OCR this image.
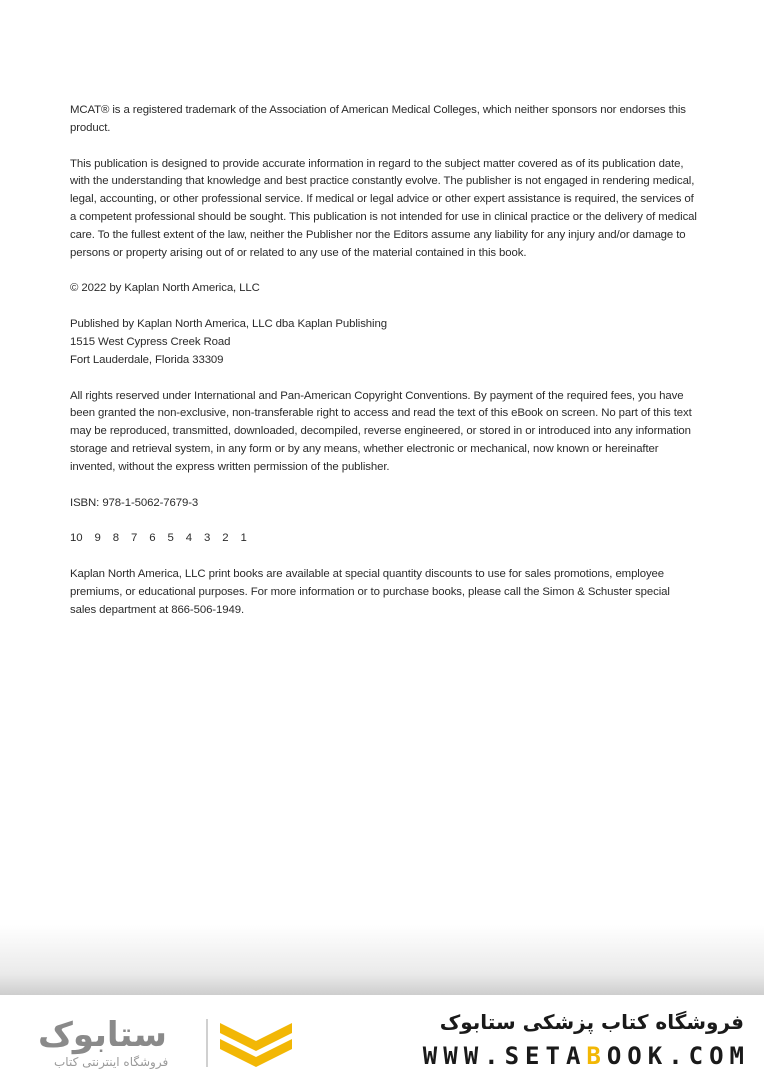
MCAT® is a registered trademark of the Association of American Medical Colleges, which neither sponsors nor endorses this product.

This publication is designed to provide accurate information in regard to the subject matter covered as of its publication date, with the understanding that knowledge and best practice constantly evolve. The publisher is not engaged in rendering medical, legal, accounting, or other professional service. If medical or legal advice or other expert assistance is required, the services of a competent professional should be sought. This publication is not intended for use in clinical practice or the delivery of medical care. To the fullest extent of the law, neither the Publisher nor the Editors assume any liability for any injury and/or damage to persons or property arising out of or related to any use of the material contained in this book.

© 2022 by Kaplan North America, LLC

Published by Kaplan North America, LLC dba Kaplan Publishing
1515 West Cypress Creek Road
Fort Lauderdale, Florida 33309

All rights reserved under International and Pan-American Copyright Conventions. By payment of the required fees, you have been granted the non-exclusive, non-transferable right to access and read the text of this eBook on screen. No part of this text may be reproduced, transmitted, downloaded, decompiled, reverse engineered, or stored in or introduced into any information storage and retrieval system, in any form or by any means, whether electronic or mechanical, now known or hereinafter invented, without the express written permission of the publisher.

ISBN: 978-1-5062-7679-3

10 9 8 7 6 5 4 3 2 1

Kaplan North America, LLC print books are available at special quantity discounts to use for sales promotions, employee premiums, or educational purposes. For more information or to purchase books, please call the Simon & Schuster special sales department at 866-506-1949.

ستابوک
فروشگاه اینترنتی کتاب
فروشگاه کتاب پزشکی ستابوک
WWW.SETABOOK.COM
